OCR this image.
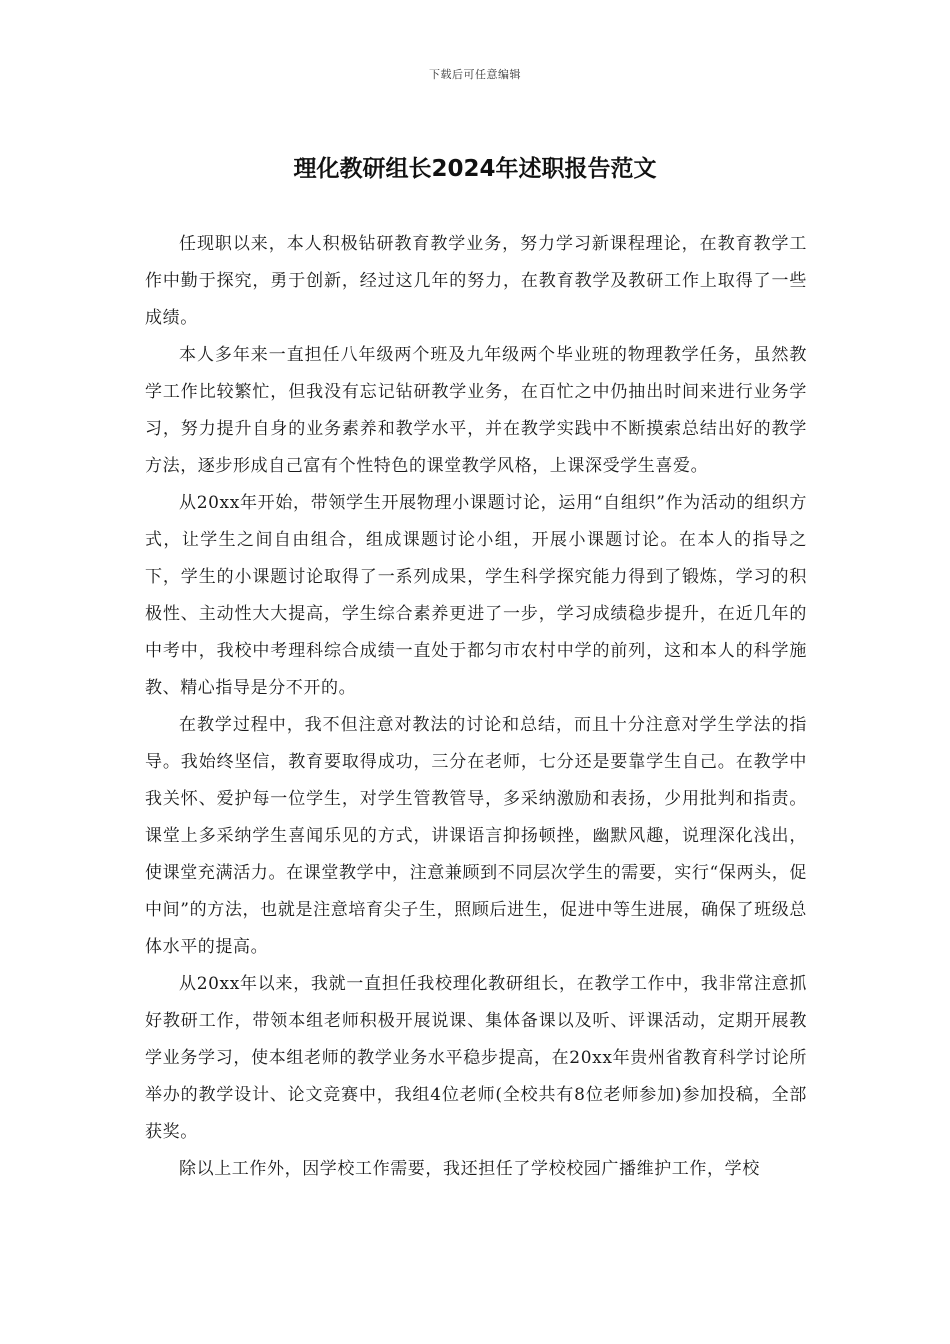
下载后可任意编辑
理化教研组长2024年述职报告范文

任现职以来，本人积极钻研教育教学业务，努力学习新课程理论，在教育教学工作中勤于探究，勇于创新，经过这几年的努力，在教育教学及教研工作上取得了一些成绩。

本人多年来一直担任八年级两个班及九年级两个毕业班的物理教学任务，虽然教学工作比较繁忙，但我没有忘记钻研教学业务，在百忙之中仍抽出时间来进行业务学习，努力提升自身的业务素养和教学水平，并在教学实践中不断摸索总结出好的教学方法，逐步形成自己富有个性特色的课堂教学风格，上课深受学生喜爱。

从20xx年开始，带领学生开展物理小课题讨论，运用“自组织”作为活动的组织方式，让学生之间自由组合，组成课题讨论小组，开展小课题讨论。在本人的指导之下，学生的小课题讨论取得了一系列成果，学生科学探究能力得到了锻炼，学习的积极性、主动性大大提高，学生综合素养更进了一步，学习成绩稳步提升，在近几年的中考中，我校中考理科综合成绩一直处于都匀市农村中学的前列，这和本人的科学施教、精心指导是分不开的。

在教学过程中，我不但注意对教法的讨论和总结，而且十分注意对学生学法的指导。我始终坚信，教育要取得成功，三分在老师，七分还是要靠学生自己。在教学中我关怀、爱护每一位学生，对学生管教管导，多采纳激励和表扬，少用批判和指责。课堂上多采纳学生喜闻乐见的方式，讲课语言抑扬顿挫，幽默风趣，说理深化浅出，使课堂充满活力。在课堂教学中，注意兼顾到不同层次学生的需要，实行“保两头，促中间”的方法，也就是注意培育尖子生，照顾后进生，促进中等生进展，确保了班级总体水平的提高。

从20xx年以来，我就一直担任我校理化教研组长，在教学工作中，我非常注意抓好教研工作，带领本组老师积极开展说课、集体备课以及听、评课活动，定期开展教学业务学习，使本组老师的教学业务水平稳步提高，在20xx年贵州省教育科学讨论所举办的教学设计、论文竞赛中，我组4位老师(全校共有8位老师参加)参加投稿，全部获奖。

除以上工作外，因学校工作需要，我还担任了学校校园广播维护工作，学校
